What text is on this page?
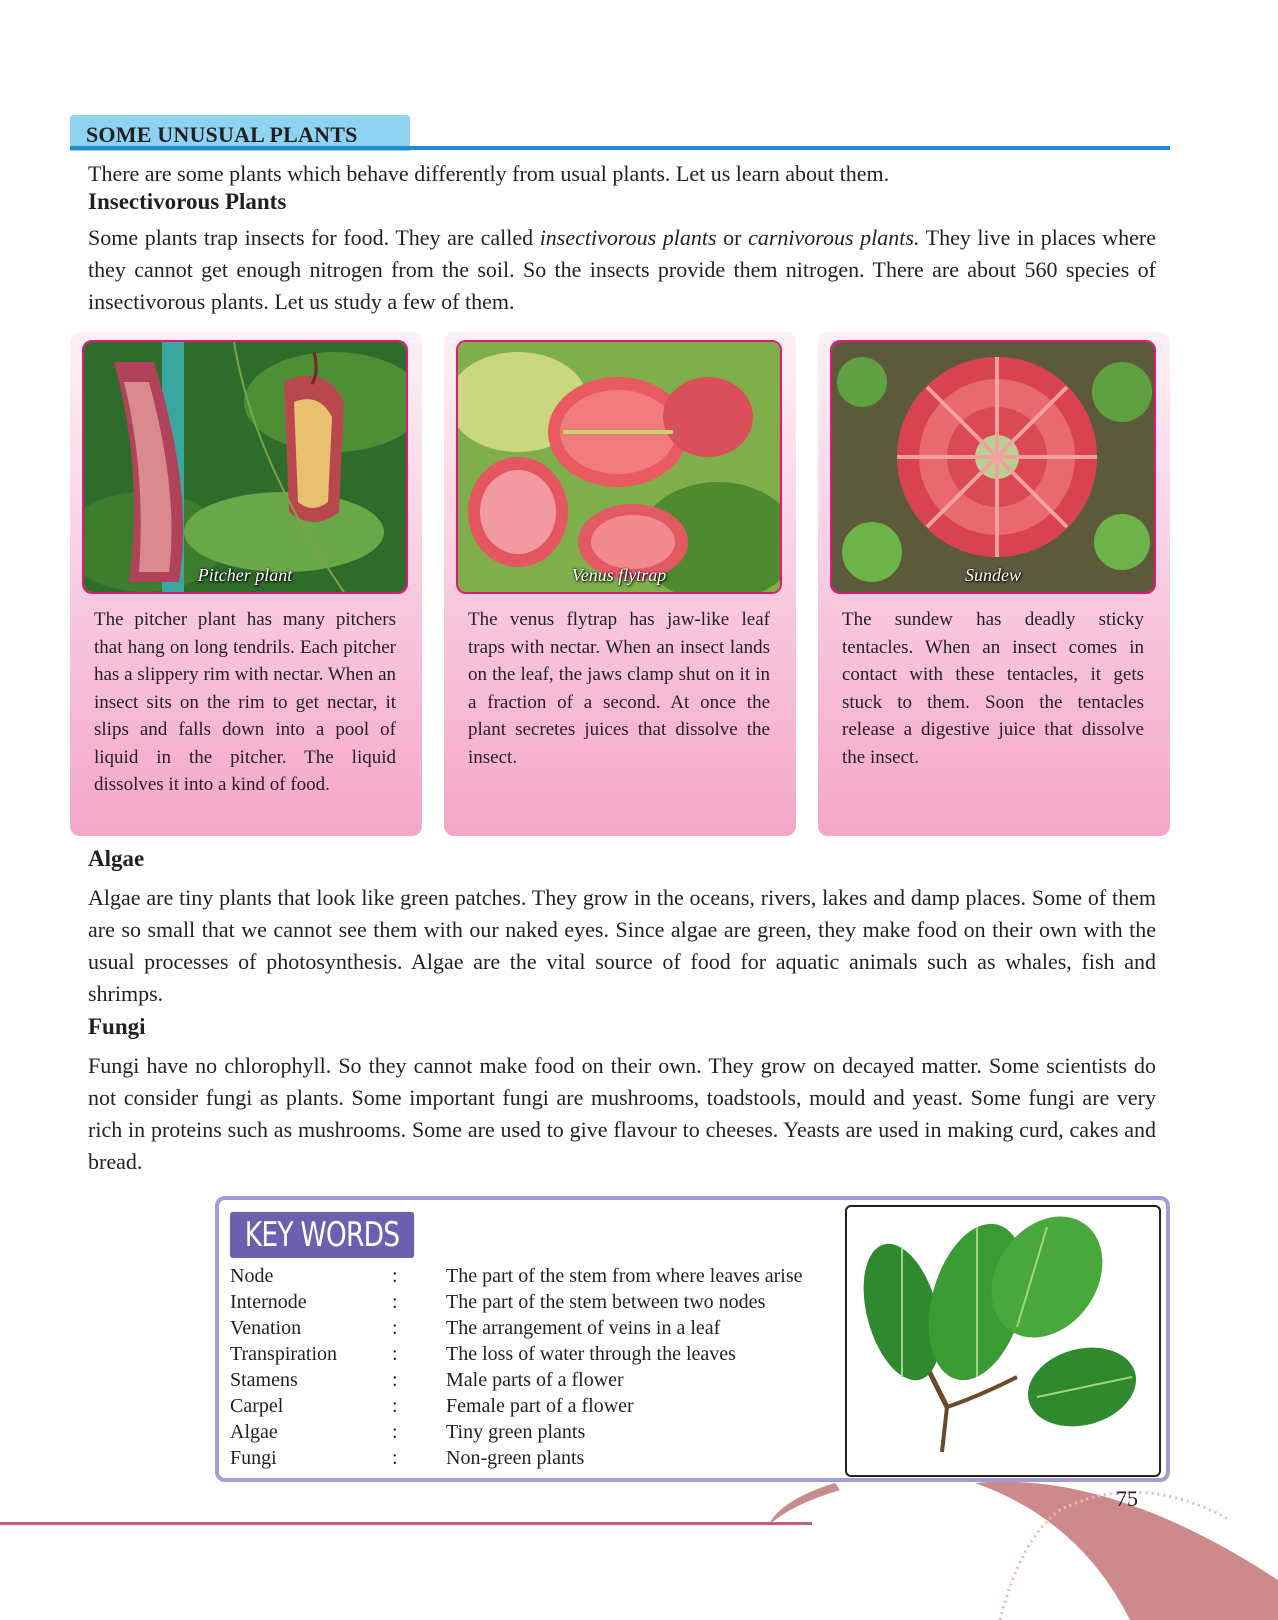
SOME UNUSUAL PLANTS

There are some plants which behave differently from usual plants. Let us learn about them.

Insectivorous Plants

Some plants trap insects for food. They are called insectivorous plants or carnivorous plants. They live in places where they cannot get enough nitrogen from the soil. So the insects provide them nitrogen. There are about 560 species of insectivorous plants. Let us study a few of them.

Pitcher plant

The pitcher plant has many pitchers that hang on long tendrils. Each pitcher has a slippery rim with nectar. When an insect sits on the rim to get nectar, it slips and falls down into a pool of liquid in the pitcher. The liquid dissolves it into a kind of food.

Venus flytrap

The venus flytrap has jaw-like leaf traps with nectar. When an insect lands on the leaf, the jaws clamp shut on it in a fraction of a second. At once the plant secretes juices that dissolve the insect.

Sundew

The sundew has deadly sticky tentacles. When an insect comes in contact with these tentacles, it gets stuck to them. Soon the tentacles release a digestive juice that dissolve the insect.

Algae

Algae are tiny plants that look like green patches. They grow in the oceans, rivers, lakes and damp places. Some of them are so small that we cannot see them with our naked eyes. Since algae are green, they make food on their own with the usual processes of photosynthesis. Algae are the vital source of food for aquatic animals such as whales, fish and shrimps.

Fungi

Fungi have no chlorophyll. So they cannot make food on their own. They grow on decayed matter. Some scientists do not consider fungi as plants. Some important fungi are mushrooms, toadstools, mould and yeast. Some fungi are very rich in proteins such as mushrooms. Some are used to give flavour to cheeses. Yeasts are used in making curd, cakes and bread.

KEY WORDS
Node	: The part of the stem from where leaves arise
Internode	: The part of the stem between two nodes
Venation	: The arrangement of veins in a leaf
Transpiration	: The loss of water through the leaves
Stamens	: Male parts of a flower
Carpel	: Female part of a flower
Algae	: Tiny green plants
Fungi	: Non-green plants
75
